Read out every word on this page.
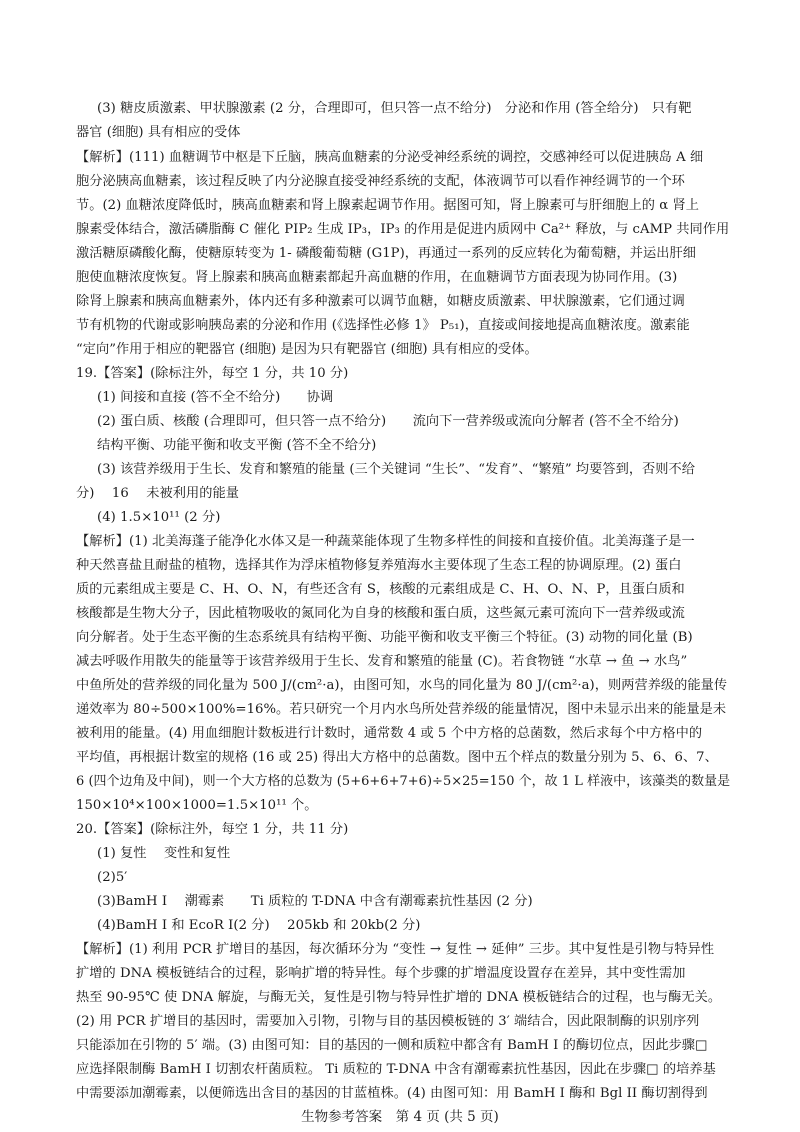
(3) 糖皮质激素、甲状腺激素 (2 分，合理即可，但只答一点不给分)　分泌和作用 (答全给分)　只有靶
器官 (细胞) 具有相应的受体
【解析】(111) 血糖调节中枢是下丘脑，胰高血糖素的分泌受神经系统的调控，交感神经可以促进胰岛 A 细
胞分泌胰高血糖素，该过程反映了内分泌腺直接受神经系统的支配，体液调节可以看作神经调节的一个环
节。(2) 血糖浓度降低时，胰高血糖素和肾上腺素起调节作用。据图可知，肾上腺素可与肝细胞上的 α 肾上
腺素受体结合，激活磷脂酶 C 催化 PIP₂ 生成 IP₃，IP₃ 的作用是促进内质网中 Ca²⁺ 释放，与 cAMP 共同作用
激活糖原磷酸化酶，使糖原转变为 1- 磷酸葡萄糖 (G1P)，再通过一系列的反应转化为葡萄糖，并运出肝细
胞使血糖浓度恢复。肾上腺素和胰高血糖素都起升高血糖的作用，在血糖调节方面表现为协同作用。(3)
除肾上腺素和胰高血糖素外，体内还有多种激素可以调节血糖，如糖皮质激素、甲状腺激素，它们通过调
节有机物的代谢或影响胰岛素的分泌和作用 (《选择性必修 1》 P₅₁)，直接或间接地提高血糖浓度。激素能
“定向”作用于相应的靶器官 (细胞) 是因为只有靶器官 (细胞) 具有相应的受体。
19.【答案】(除标注外，每空 1 分，共 10 分)
(1) 间接和直接 (答不全不给分)　　协调
(2) 蛋白质、核酸 (合理即可，但只答一点不给分)　　流向下一营养级或流向分解者 (答不全不给分)
结构平衡、功能平衡和收支平衡 (答不全不给分)
(3) 该营养级用于生长、发育和繁殖的能量 (三个关键词 “生长”、“发育”、“繁殖” 均要答到，否则不给
分)　 16　 未被利用的能量
(4) 1.5×10¹¹ (2 分)
【解析】(1) 北美海蓬子能净化水体又是一种蔬菜能体现了生物多样性的间接和直接价值。北美海蓬子是一
种天然喜盐且耐盐的植物，选择其作为浮床植物修复养殖海水主要体现了生态工程的协调原理。(2) 蛋白
质的元素组成主要是 C、H、O、N，有些还含有 S，核酸的元素组成是 C、H、O、N、P，且蛋白质和
核酸都是生物大分子，因此植物吸收的氮同化为自身的核酸和蛋白质，这些氮元素可流向下一营养级或流
向分解者。处于生态平衡的生态系统具有结构平衡、功能平衡和收支平衡三个特征。(3) 动物的同化量 (B)
减去呼吸作用散失的能量等于该营养级用于生长、发育和繁殖的能量 (C)。若食物链 “水草 → 鱼 → 水鸟”
中鱼所处的营养级的同化量为 500 J/(cm²·a)，由图可知，水鸟的同化量为 80 J/(cm²·a)，则两营养级的能量传
递效率为 80÷500×100%=16%。若只研究一个月内水鸟所处营养级的能量情况，图中未显示出来的能量是未
被利用的能量。(4) 用血细胞计数板进行计数时，通常数 4 或 5 个中方格的总菌数，然后求每个中方格中的
平均值，再根据计数室的规格 (16 或 25) 得出大方格中的总菌数。图中五个样点的数量分别为 5、6、6、7、
6 (四个边角及中间)，则一个大方格的总数为 (5+6+6+7+6)÷5×25=150 个，故 1 L 样液中，该藻类的数量是
150×10⁴×100×1000=1.5×10¹¹ 个。
20.【答案】(除标注外，每空 1 分，共 11 分)
(1) 复性　 变性和复性
(2)5′
(3)BamH I　 潮霉素　　Ti 质粒的 T-DNA 中含有潮霉素抗性基因 (2 分)
(4)BamH I 和 EcoR I(2 分)　 205kb 和 20kb(2 分)
【解析】(1) 利用 PCR 扩增目的基因，每次循环分为 “变性 → 复性 → 延伸” 三步。其中复性是引物与特异性
扩增的 DNA 模板链结合的过程，影响扩增的特异性。每个步骤的扩增温度设置存在差异，其中变性需加
热至 90-95℃ 使 DNA 解旋，与酶无关，复性是引物与特异性扩增的 DNA 模板链结合的过程，也与酶无关。
(2) 用 PCR 扩增目的基因时，需要加入引物，引物与目的基因模板链的 3′ 端结合，因此限制酶的识别序列
只能添加在引物的 5′ 端。(3) 由图可知：目的基因的一侧和质粒中都含有 BamH I 的酶切位点，因此步骤□
应选择限制酶 BamH I 切割农杆菌质粒。 Ti 质粒的 T-DNA 中含有潮霉素抗性基因，因此在步骤□ 的培养基
中需要添加潮霉素，以便筛选出含目的基因的甘蓝植株。(4) 由图可知：用 BamH I 酶和 Bgl II 酶切割得到
生物参考答案　第 4 页 (共 5 页)
